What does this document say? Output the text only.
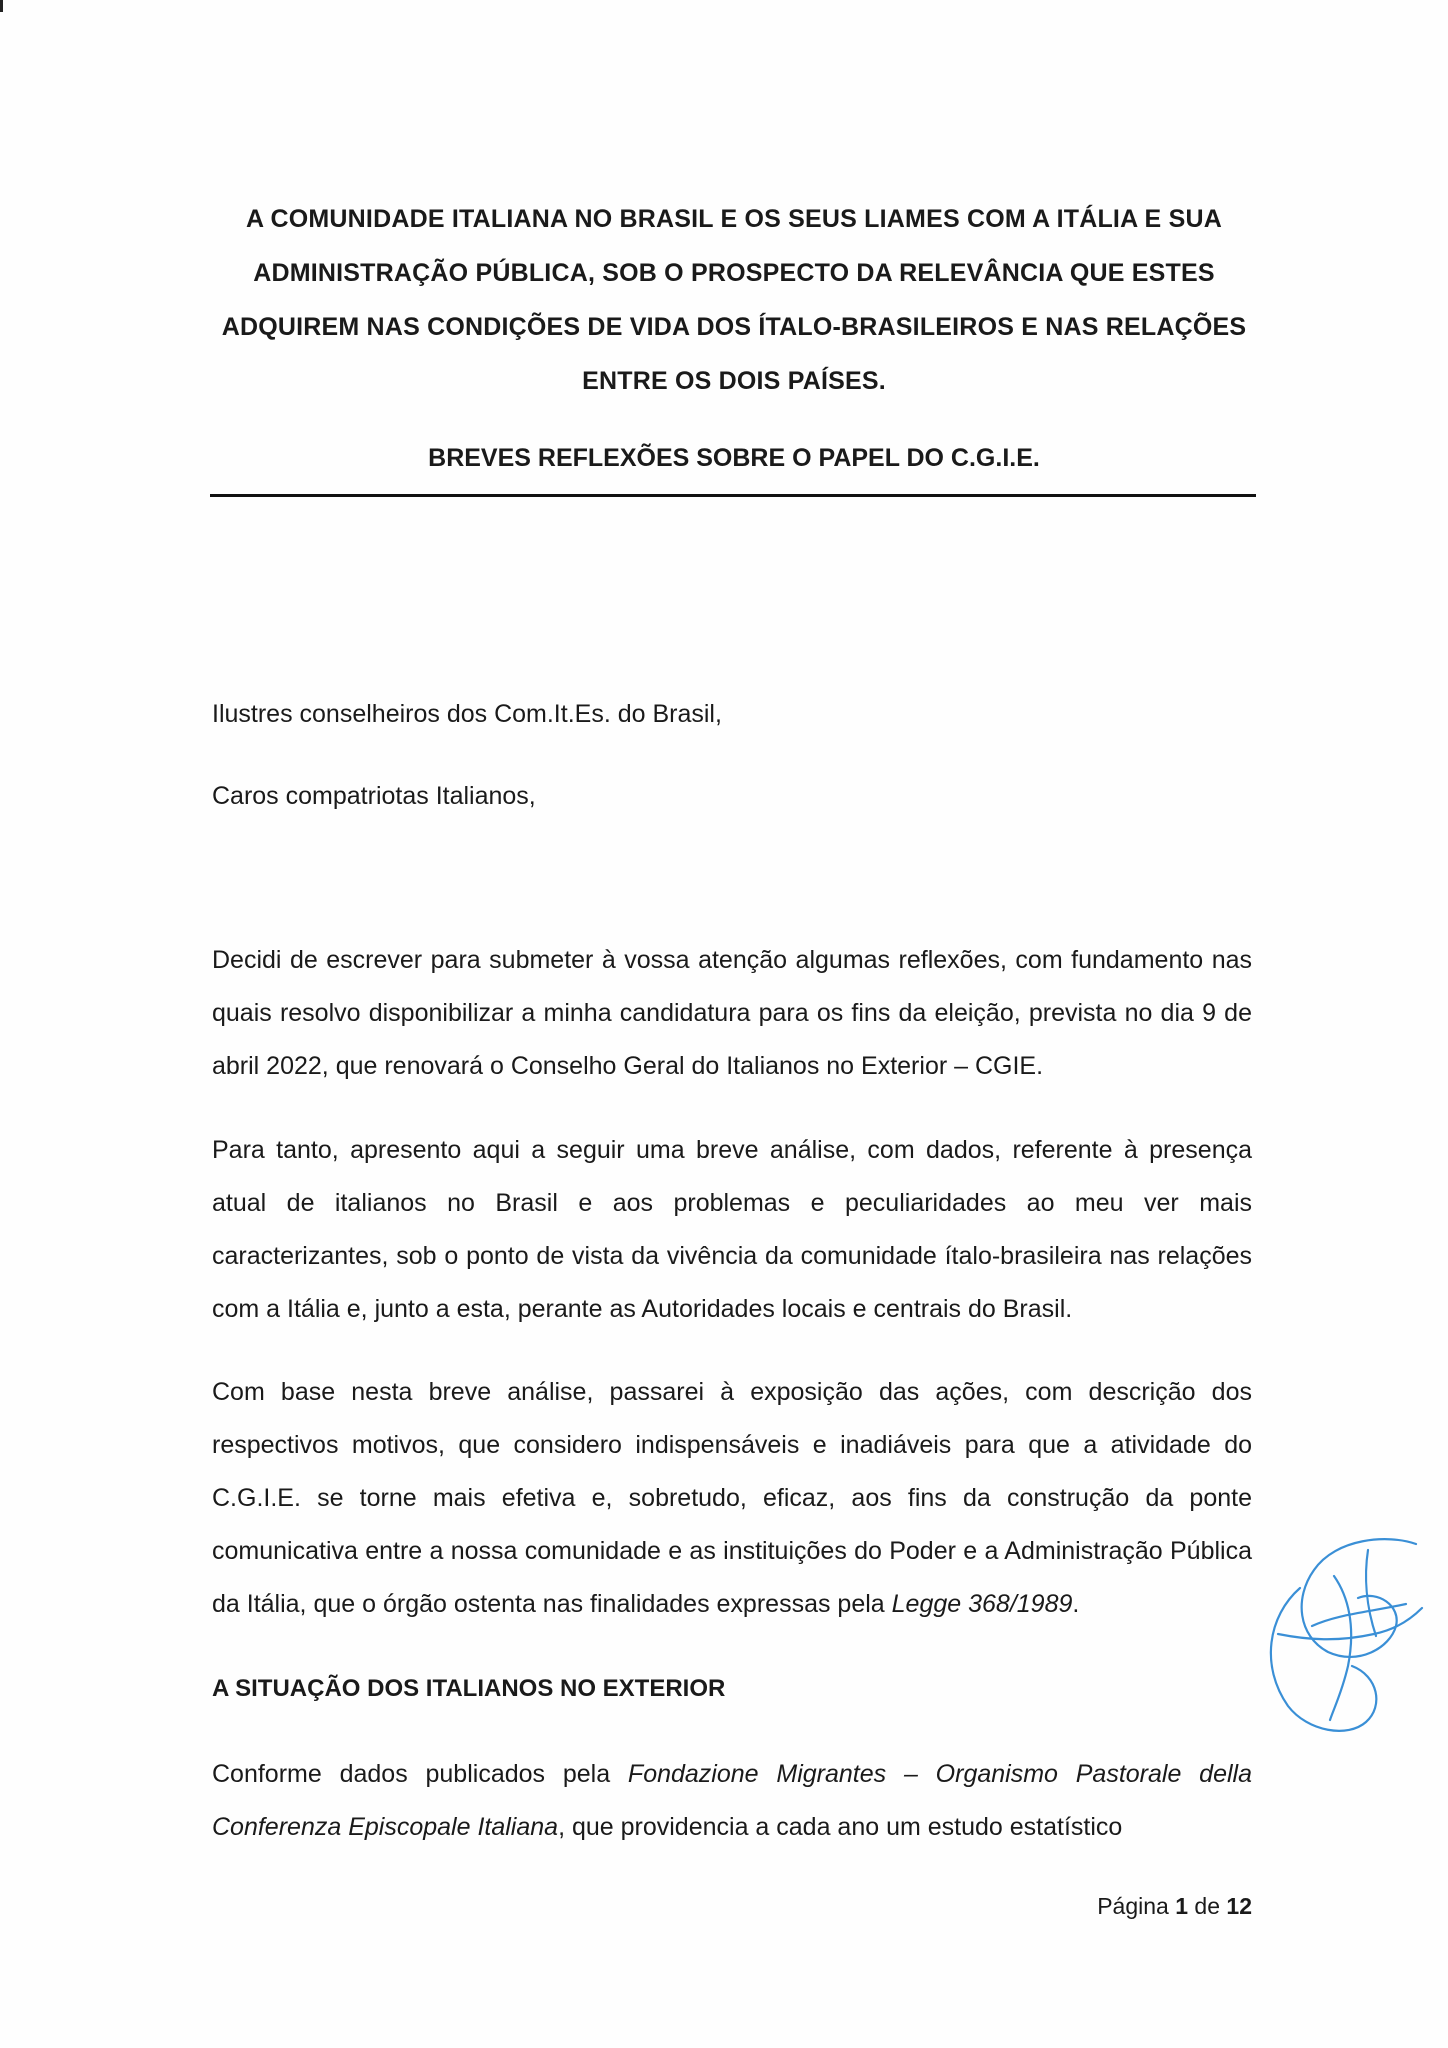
A COMUNIDADE ITALIANA NO BRASIL E OS SEUS LIAMES COM A ITÁLIA E SUA
ADMINISTRAÇÃO PÚBLICA, SOB O PROSPECTO DA RELEVÂNCIA QUE ESTES
ADQUIREM NAS CONDIÇÕES DE VIDA DOS ÍTALO-BRASILEIROS E NAS RELAÇÕES
ENTRE OS DOIS PAÍSES.
BREVES REFLEXÕES SOBRE O PAPEL DO C.G.I.E.
Ilustres conselheiros dos Com.It.Es. do Brasil,
Caros compatriotas Italianos,

Decidi de escrever para submeter à vossa atenção algumas reflexões, com fundamento nas quais resolvo disponibilizar a minha candidatura para os fins da eleição, prevista no dia 9 de abril 2022, que renovará o Conselho Geral do Italianos no Exterior – CGIE.

Para tanto, apresento aqui a seguir uma breve análise, com dados, referente à presença atual de italianos no Brasil e aos problemas e peculiaridades ao meu ver mais caracterizantes, sob o ponto de vista da vivência da comunidade ítalo-brasileira nas relações com a Itália e, junto a esta, perante as Autoridades locais e centrais do Brasil.

Com base nesta breve análise, passarei à exposição das ações, com descrição dos respectivos motivos, que considero indispensáveis e inadiáveis para que a atividade do C.G.I.E. se torne mais efetiva e, sobretudo, eficaz, aos fins da construção da ponte comunicativa entre a nossa comunidade e as instituições do Poder e a Administração Pública da Itália, que o órgão ostenta nas finalidades expressas pela Legge 368/1989.

A SITUAÇÃO DOS ITALIANOS NO EXTERIOR

Conforme dados publicados pela Fondazione Migrantes – Organismo Pastorale della Conferenza Episcopale Italiana, que providencia a cada ano um estudo estatístico

Página 1 de 12
